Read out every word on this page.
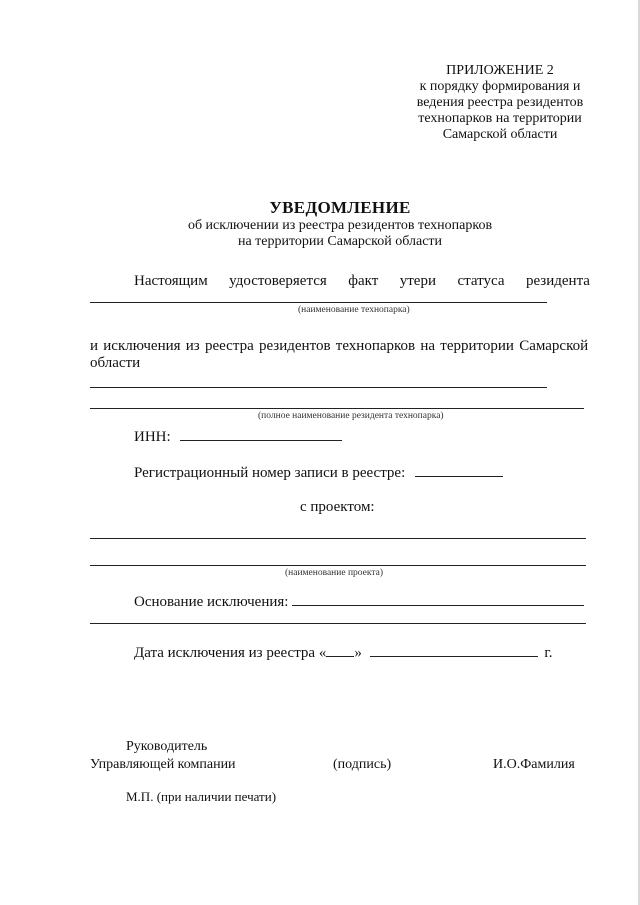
ПРИЛОЖЕНИЕ 2
к порядку формирования и
ведения реестра резидентов
технопарков на территории
Самарской области
УВЕДОМЛЕНИЕ
об исключении из реестра резидентов технопарков
на территории Самарской области
Настоящим удостоверяется факт утери статуса резидента
(наименование технопарка)
и исключения из реестра резидентов технопарков на территории Самарской
области
(полное наименование резидента технопарка)
ИНН:
Регистрационный номер записи в реестре:
с проектом:
(наименование проекта)
Основание исключения:
Дата исключения из реестра « »	г.
Руководитель
Управляющей компании	(подпись)	И.О.Фамилия
М.П. (при наличии печати)
